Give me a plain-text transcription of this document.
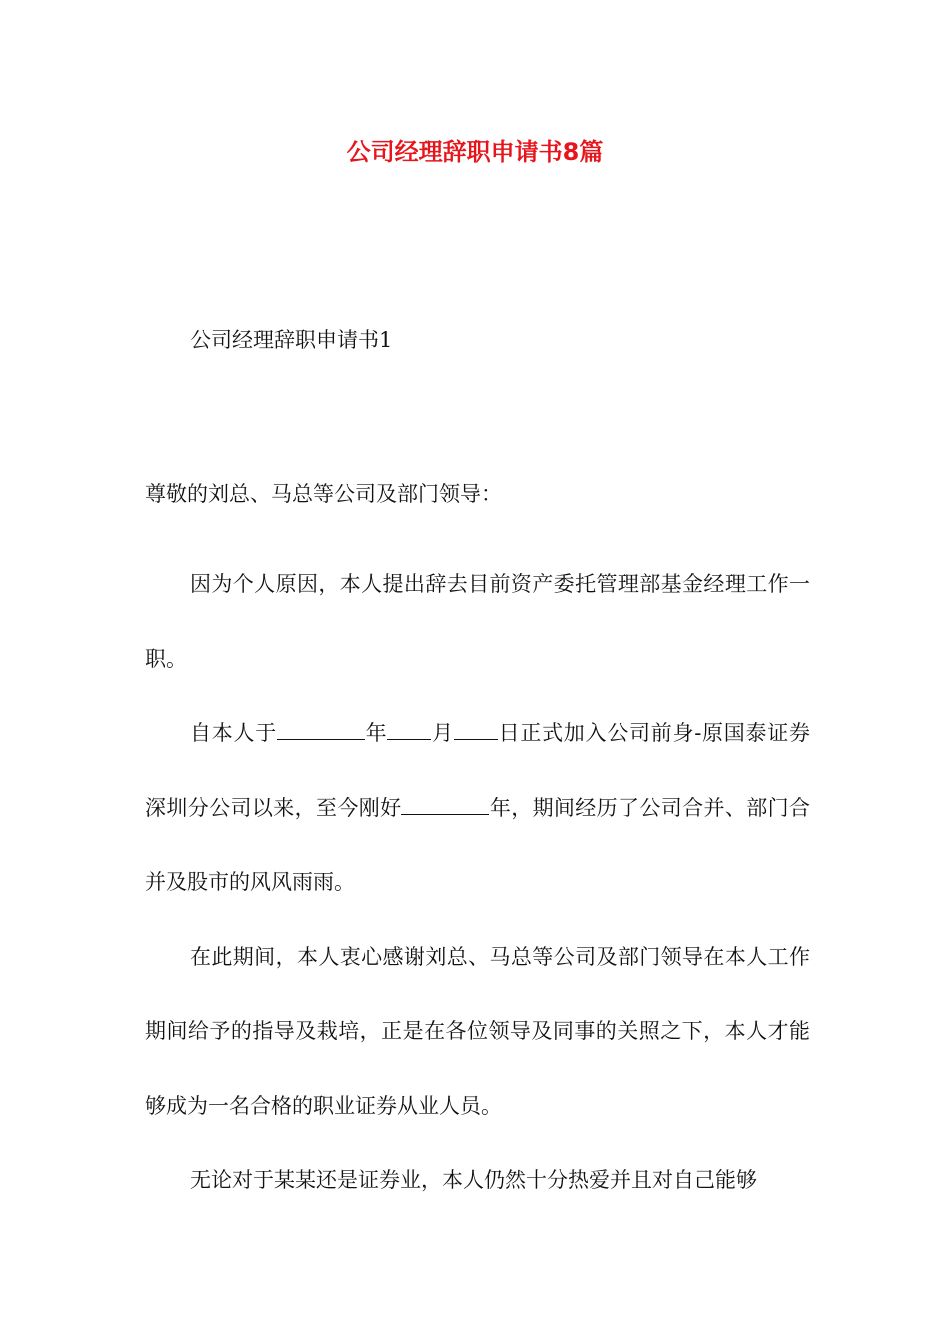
公司经理辞职申请书8篇
公司经理辞职申请书1
尊敬的刘总、马总等公司及部门领导：

因为个人原因，本人提出辞去目前资产委托管理部基金经理工作一职。

自本人于	年 月 日正式加入公司前身-原国泰证券深圳分公司以来，至今刚好	年，期间经历了公司合并、部门合并及股市的风风雨雨。

在此期间，本人衷心感谢刘总、马总等公司及部门领导在本人工作期间给予的指导及栽培，正是在各位领导及同事的关照之下，本人才能够成为一名合格的职业证券从业人员。

无论对于某某还是证券业，本人仍然十分热爱并且对自己能够
